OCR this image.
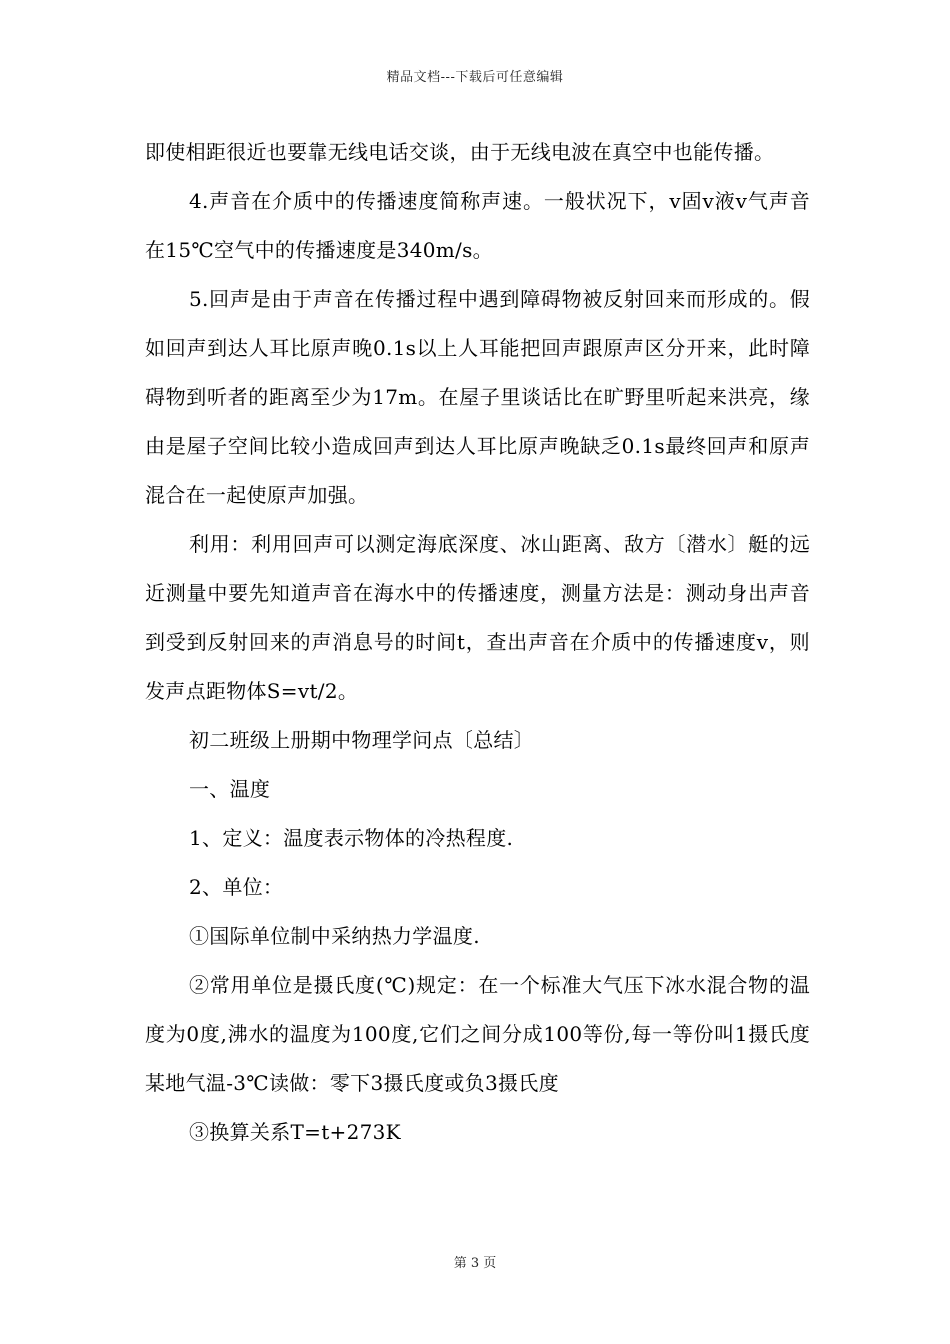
精品文档---下载后可任意编辑

即使相距很近也要靠无线电话交谈，由于无线电波在真空中也能传播。

4.声音在介质中的传播速度简称声速。一般状况下，v固v液v气声音在15℃空气中的传播速度是340m/s。

5.回声是由于声音在传播过程中遇到障碍物被反射回来而形成的。假如回声到达人耳比原声晚0.1s以上人耳能把回声跟原声区分开来，此时障碍物到听者的距离至少为17m。在屋子里谈话比在旷野里听起来洪亮，缘由是屋子空间比较小造成回声到达人耳比原声晚缺乏0.1s最终回声和原声混合在一起使原声加强。

利用：利用回声可以测定海底深度、冰山距离、敌方〔潜水〕艇的远近测量中要先知道声音在海水中的传播速度，测量方法是：测动身出声音到受到反射回来的声消息号的时间t，查出声音在介质中的传播速度v，则发声点距物体S=vt/2。

初二班级上册期中物理学问点〔总结〕

一、温度

1、定义：温度表示物体的冷热程度.

2、单位：

①国际单位制中采纳热力学温度.

②常用单位是摄氏度(℃)规定：在一个标准大气压下冰水混合物的温度为0度,沸水的温度为100度,它们之间分成100等份,每一等份叫1摄氏度某地气温-3℃读做：零下3摄氏度或负3摄氏度

③换算关系T=t+273K

第 3 页
